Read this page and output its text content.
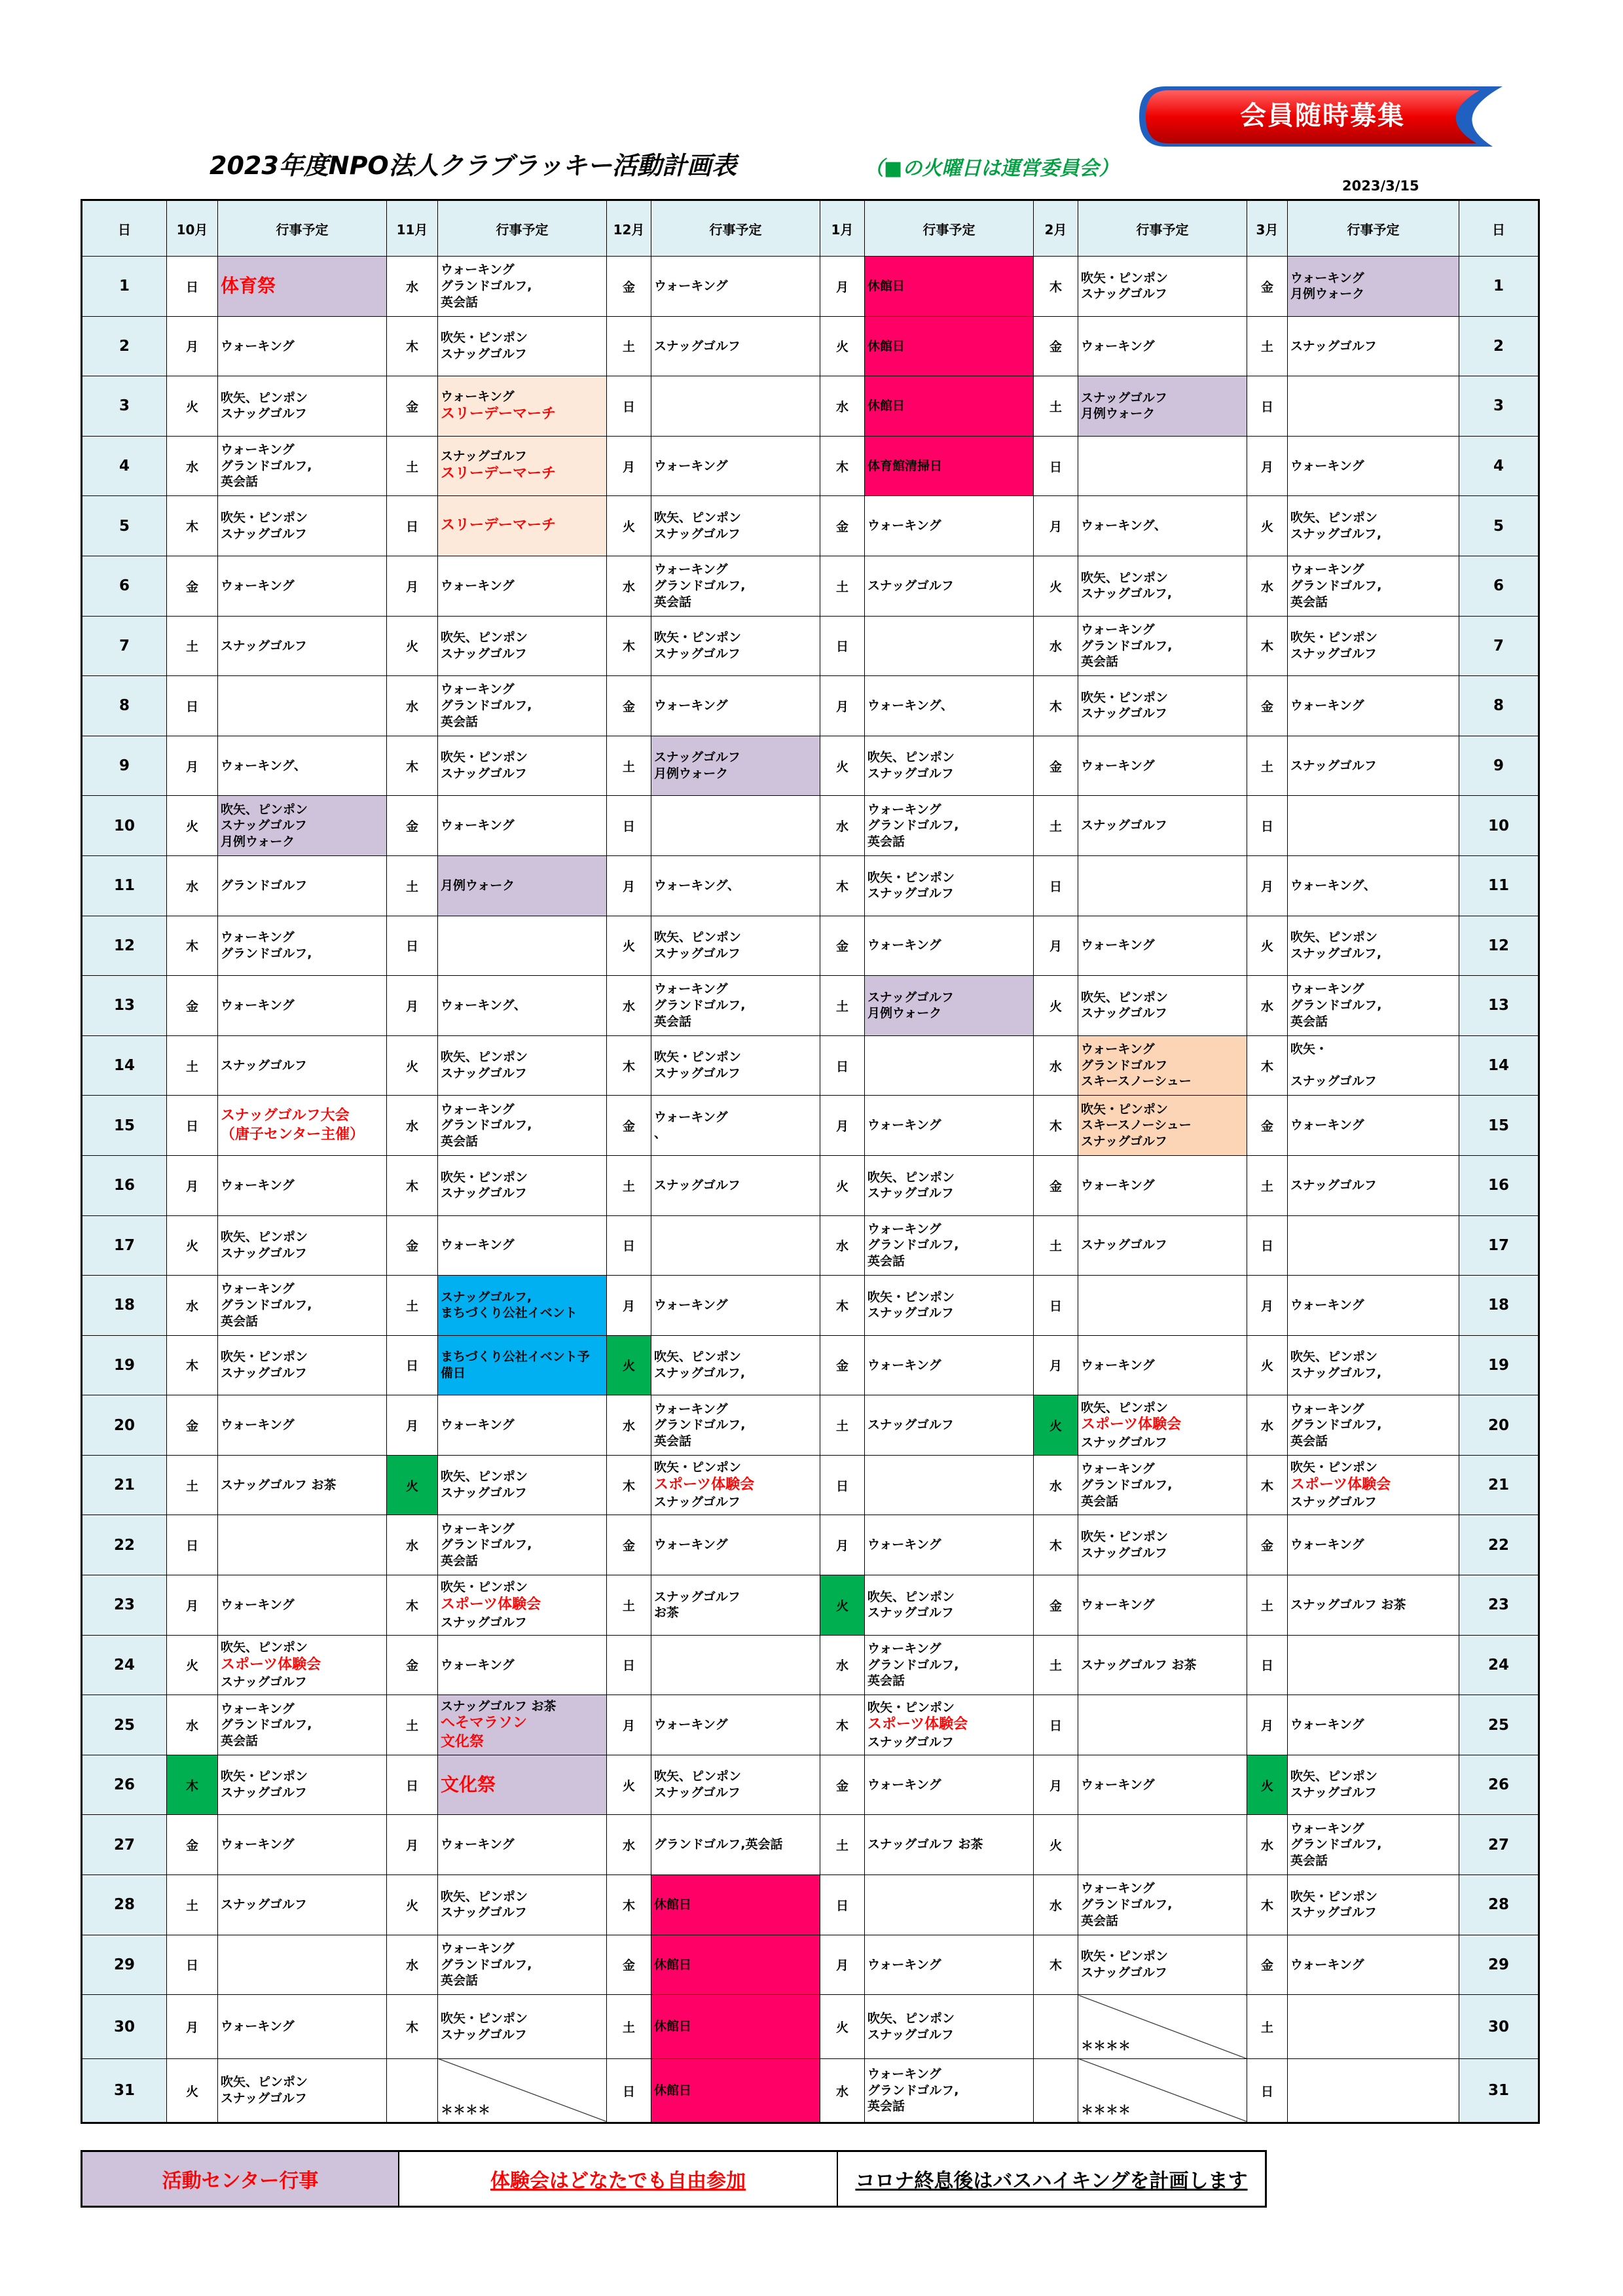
会員随時募集
2023年度NPO法人クラブラッキー活動計画表	（■の火曜日は運営委員会）
2023/3/15
日	10月	行事予定	11月	行事予定	12月	行事予定	1月	行事予定	2月	行事予定	3月	行事予定	日
1	日	体育祭	水	ウォーキング
グランドゴルフ,
英会話	金	ウォーキング	月	休館日	木	吹矢・ピンポン
スナッグゴルフ	金	ウォーキング
月例ウォーク	1
2	月	ウォーキング	木	吹矢・ピンポン
スナッグゴルフ	土	スナッグゴルフ	火	休館日	金	ウォーキング	土	スナッグゴルフ	2
3	火	吹矢、ピンポン
スナッグゴルフ	金	ウォーキング
スリーデーマーチ	日		水	休館日	土	スナッグゴルフ
月例ウォーク	日		3
4	水	ウォーキング
グランドゴルフ,
英会話	土	スナッグゴルフ
スリーデーマーチ	月	ウォーキング	木	体育館清掃日	日		月	ウォーキング	4
5	木	吹矢・ピンポン
スナッグゴルフ	日	スリーデーマーチ	火	吹矢、ピンポン
スナッグゴルフ	金	ウォーキング	月	ウォーキング、	火	吹矢、ピンポン
スナッグゴルフ,	5
6	金	ウォーキング	月	ウォーキング	水	ウォーキング
グランドゴルフ,
英会話	土	スナッグゴルフ	火	吹矢、ピンポン
スナッグゴルフ,	水	ウォーキング
グランドゴルフ,
英会話	6
7	土	スナッグゴルフ	火	吹矢、ピンポン
スナッグゴルフ	木	吹矢・ピンポン
スナッグゴルフ	日		水	ウォーキング
グランドゴルフ,
英会話	木	吹矢・ピンポン
スナッグゴルフ	7
8	日		水	ウォーキング
グランドゴルフ,
英会話	金	ウォーキング	月	ウォーキング、	木	吹矢・ピンポン
スナッグゴルフ	金	ウォーキング	8
9	月	ウォーキング、	木	吹矢・ピンポン
スナッグゴルフ	土	スナッグゴルフ
月例ウォーク	火	吹矢、ピンポン
スナッグゴルフ	金	ウォーキング	土	スナッグゴルフ	9
10	火	吹矢、ピンポン
スナッグゴルフ
月例ウォーク	金	ウォーキング	日		水	ウォーキング
グランドゴルフ,
英会話	土	スナッグゴルフ	日		10
11	水	グランドゴルフ	土	月例ウォーク	月	ウォーキング、	木	吹矢・ピンポン
スナッグゴルフ	日		月	ウォーキング、	11
12	木	ウォーキング
グランドゴルフ,	日		火	吹矢、ピンポン
スナッグゴルフ	金	ウォーキング	月	ウォーキング	火	吹矢、ピンポン
スナッグゴルフ,	12
13	金	ウォーキング	月	ウォーキング、	水	ウォーキング
グランドゴルフ,
英会話	土	スナッグゴルフ
月例ウォーク	火	吹矢、ピンポン
スナッグゴルフ	水	ウォーキング
グランドゴルフ,
英会話	13
14	土	スナッグゴルフ	火	吹矢、ピンポン
スナッグゴルフ	木	吹矢・ピンポン
スナッグゴルフ	日		水	ウォーキング
グランドゴルフ
スキースノーシュー	木	吹矢・

スナッグゴルフ	14
15	日	スナッグゴルフ大会
（唐子センター主催）	水	ウォーキング
グランドゴルフ,
英会話	金	ウォーキング
、	月	ウォーキング	木	吹矢・ピンポン
スキースノーシュー
スナッグゴルフ	金	ウォーキング	15
16	月	ウォーキング	木	吹矢・ピンポン
スナッグゴルフ	土	スナッグゴルフ	火	吹矢、ピンポン
スナッグゴルフ	金	ウォーキング	土	スナッグゴルフ	16
17	火	吹矢、ピンポン
スナッグゴルフ	金	ウォーキング	日		水	ウォーキング
グランドゴルフ,
英会話	土	スナッグゴルフ	日		17
18	水	ウォーキング
グランドゴルフ,
英会話	土	スナッグゴルフ,
まちづくり公社イベント	月	ウォーキング	木	吹矢・ピンポン
スナッグゴルフ	日		月	ウォーキング	18
19	木	吹矢・ピンポン
スナッグゴルフ	日	まちづくり公社イベント予
備日	火	吹矢、ピンポン
スナッグゴルフ,	金	ウォーキング	月	ウォーキング	火	吹矢、ピンポン
スナッグゴルフ,	19
20	金	ウォーキング	月	ウォーキング	水	ウォーキング
グランドゴルフ,
英会話	土	スナッグゴルフ	火	吹矢、ピンポン
スポーツ体験会
スナッグゴルフ	水	ウォーキング
グランドゴルフ,
英会話	20
21	土	スナッグゴルフ お茶	火	吹矢、ピンポン
スナッグゴルフ	木	吹矢・ピンポン
スポーツ体験会
スナッグゴルフ	日		水	ウォーキング
グランドゴルフ,
英会話	木	吹矢・ピンポン
スポーツ体験会
スナッグゴルフ	21
22	日		水	ウォーキング
グランドゴルフ,
英会話	金	ウォーキング	月	ウォーキング	木	吹矢・ピンポン
スナッグゴルフ	金	ウォーキング	22
23	月	ウォーキング	木	吹矢・ピンポン
スポーツ体験会
スナッグゴルフ	土	スナッグゴルフ
お茶	火	吹矢、ピンポン
スナッグゴルフ	金	ウォーキング	土	スナッグゴルフ お茶	23
24	火	吹矢、ピンポン
スポーツ体験会
スナッグゴルフ	金	ウォーキング	日		水	ウォーキング
グランドゴルフ,
英会話	土	スナッグゴルフ お茶	日		24
25	水	ウォーキング
グランドゴルフ,
英会話	土	スナッグゴルフ お茶
へそマラソン
文化祭	月	ウォーキング	木	吹矢・ピンポン
スポーツ体験会
スナッグゴルフ	日		月	ウォーキング	25
26	木	吹矢・ピンポン
スナッグゴルフ	日	文化祭	火	吹矢、ピンポン
スナッグゴルフ	金	ウォーキング	月	ウォーキング	火	吹矢、ピンポン
スナッグゴルフ	26
27	金	ウォーキング	月	ウォーキング	水	グランドゴルフ,英会話	土	スナッグゴルフ お茶	火		水	ウォーキング
グランドゴルフ,
英会話	27
28	土	スナッグゴルフ	火	吹矢、ピンポン
スナッグゴルフ	木	休館日	日		水	ウォーキング
グランドゴルフ,
英会話	木	吹矢・ピンポン
スナッグゴルフ	28
29	日		水	ウォーキング
グランドゴルフ,
英会話	金	休館日	月	ウォーキング	木	吹矢・ピンポン
スナッグゴルフ	金	ウォーキング	29
30	月	ウォーキング	木	吹矢・ピンポン
スナッグゴルフ	土	休館日	火	吹矢、ピンポン
スナッグゴルフ		＊＊＊＊	土		30
31	火	吹矢、ピンポン
スナッグゴルフ		＊＊＊＊	日	休館日	水	ウォーキング
グランドゴルフ,
英会話		＊＊＊＊	日		31
活動センター行事	体験会はどなたでも自由参加	コロナ終息後はバスハイキングを計画します
